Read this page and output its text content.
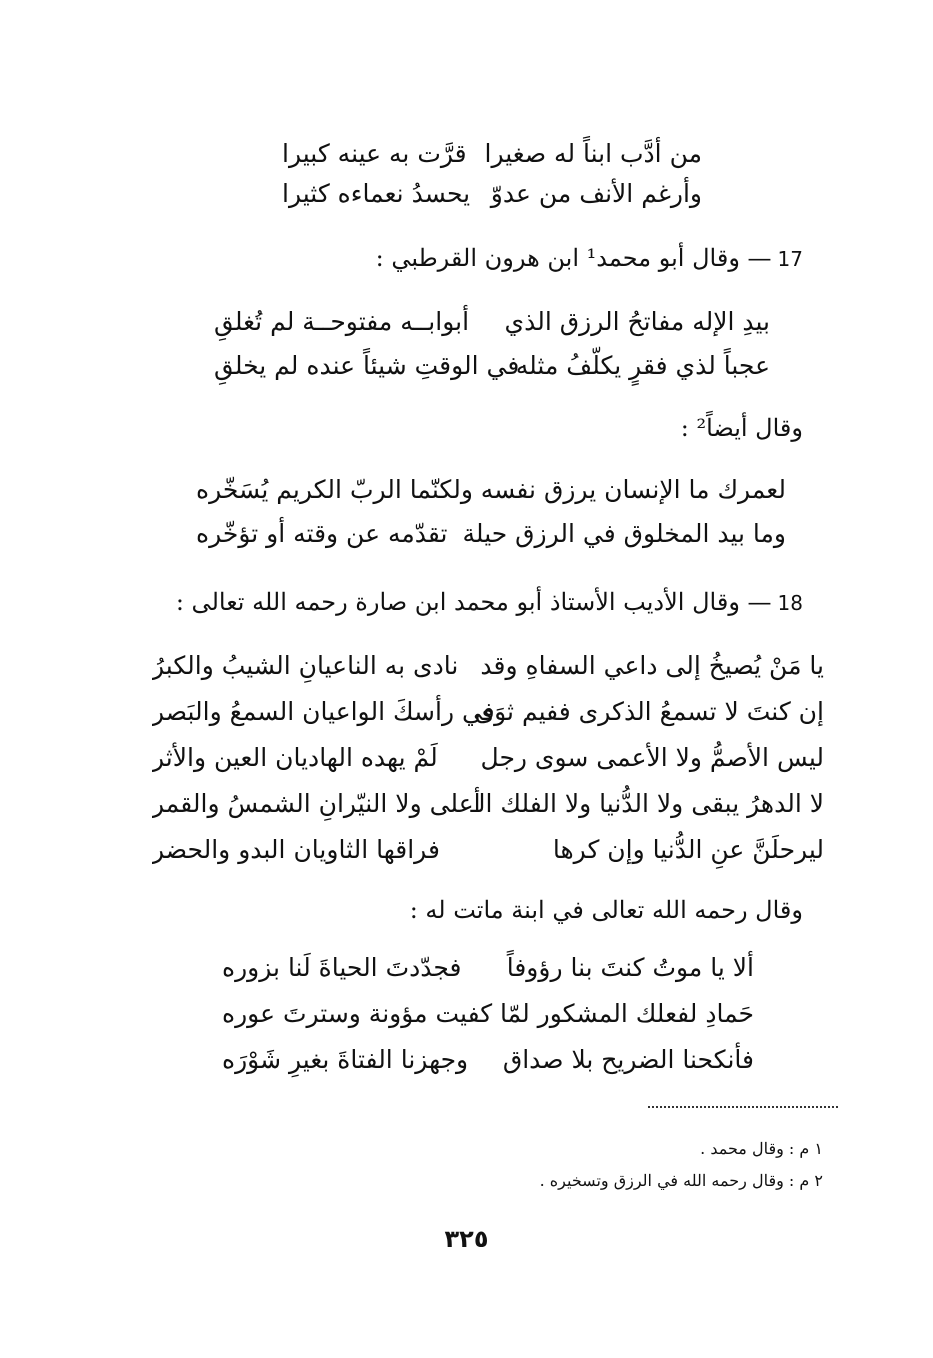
من أدَّب ابناً له صغيرا
قرَّت به عينه كبيرا
وأرغم الأنف من عدوّ
يحسدُ نعماءه كثيرا
17— وقال أبو محمد¹ ابن هرون القرطبي :
بيدِ الإله مفاتحُ الرزق الذي
أبوابــه مفتوحــة لم تُغلقِ
عجباً لذي فقرٍ يكلّفُ مثله
في الوقتِ شيئاً عنده لم يخلقِ
وقال أيضاً² :
لعمرك ما الإنسان يرزق نفسه
ولكنّما الربّ الكريم يُسَخّره
وما بيد المخلوق في الرزق حيلة
تقدّمه عن وقته أو تؤخّره
18— وقال الأديب الأستاذ أبو محمد ابن صارة رحمه الله تعالى :
يا مَنْ يُصيخُ إلى داعي السفاهِ وقد
نادى به الناعيانِ الشيبُ والكبرُ
إن كنتَ لا تسمعُ الذكرى ففيم ثوَى
في رأسكَ الواعيان السمعُ والبَصر
ليس الأصمُّ ولا الأعمى سوى رجل
لَمْ يهده الهاديان العين والأثر
لا الدهرُ يبقى ولا الدُّنيا ولا الفلك الـ
أعلى ولا النيّرانِ الشمسُ والقمر
ليرحلَنَّ عنِ الدُّنيا وإن كرها
فراقها الثاويان البدو والحضر
وقال رحمه الله تعالى في ابنة ماتت له :
ألا يا موتُ كنتَ بنا رؤوفاً
فجدّدتَ الحياةَ لَنا بزوره
حَمادِ لفعلك المشكور لمّا
كفيت مؤونة وسترتَ عوره
فأنكحنا الضريح بلا صداق
وجهزنا الفتاةَ بغيرِ شَوْرَه
١ م : وقال محمد .
٢ م : وقال رحمه الله في الرزق وتسخيره .
٣٢٥
